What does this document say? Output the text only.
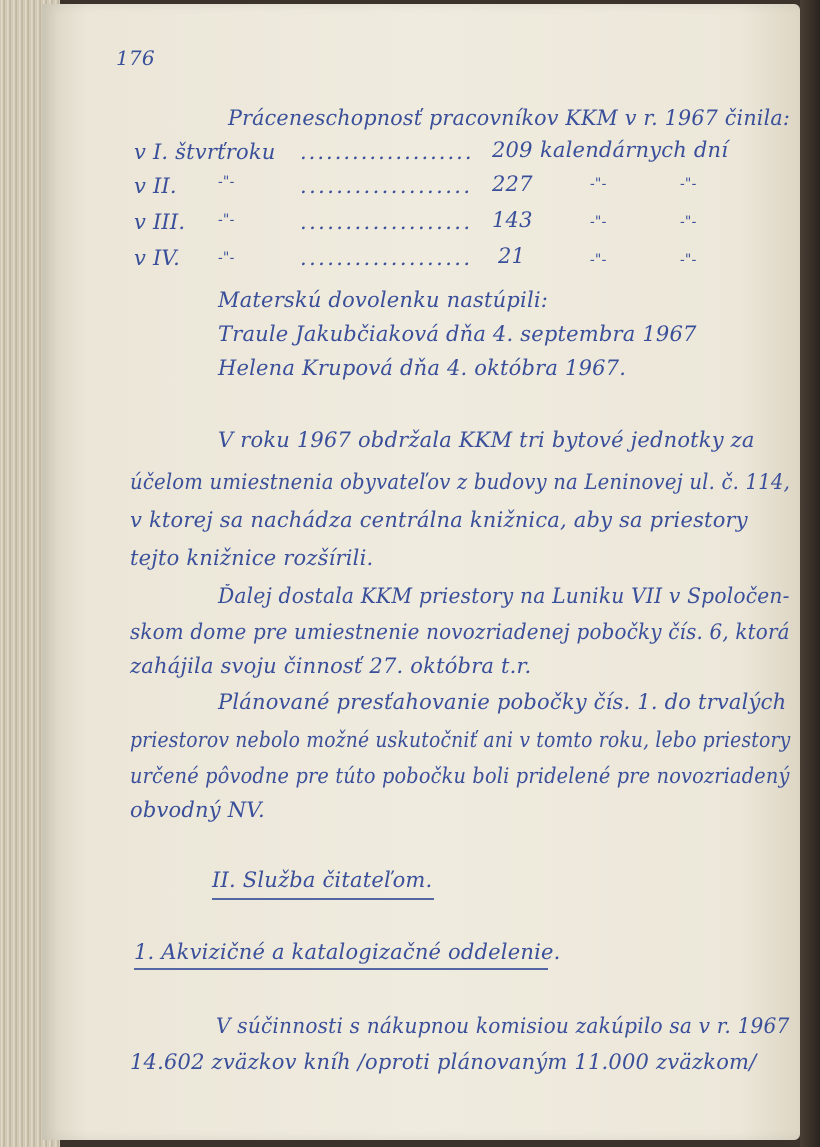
176
Práceneschopnosť pracovníkov KKM v r. 1967 činila:
v I. štvrťroku .................... 209 kalendárnych dní
v II.	-"-	................... 227	-"-	-"-
v III. -"-	................... 143	-"-	-"-
v IV.	-"-	................... 21	-"-	-"-
Materskú dovolenku nastúpili:
Traule Jakubčiaková dňa 4. septembra 1967
Helena Krupová dňa 4. októbra 1967.
V roku 1967 obdržala KKM tri bytové jednotky za
účelom umiestnenia obyvateľov z budovy na Leninovej ul. č. 114,
v ktorej sa nachádza centrálna knižnica, aby sa priestory
tejto knižnice rozšírili.
Ďalej dostala KKM priestory na Luniku VII v Spoločen-
skom dome pre umiestnenie novozriadenej pobočky čís. 6, ktorá
zahájila svoju činnosť 27. októbra t.r.
Plánované presťahovanie pobočky čís. 1. do trvalých
priestorov nebolo možné uskutočniť ani v tomto roku, lebo priestory
určené pôvodne pre túto pobočku boli pridelené pre novozriadený
obvodný NV.
II. Služba čitateľom.
1. Akvizičné a katalogizačné oddelenie.
V súčinnosti s nákupnou komisiou zakúpilo sa v r. 1967
14.602 zväzkov kníh /oproti plánovaným 11.000 zväzkom/
